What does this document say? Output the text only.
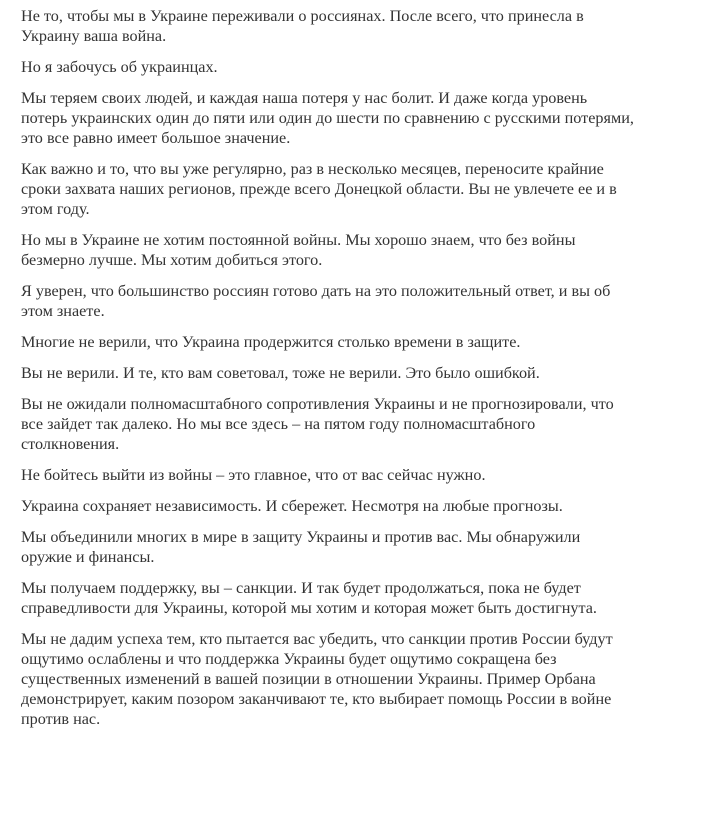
Не то, чтобы мы в Украине переживали о россиянах. После всего, что принесла в
Украину ваша война.

Но я забочусь об украинцах.

Мы теряем своих людей, и каждая наша потеря у нас болит. И даже когда уровень
потерь украинских один до пяти или один до шести по сравнению с русскими потерями,
это все равно имеет большое значение.

Как важно и то, что вы уже регулярно, раз в несколько месяцев, переносите крайние
сроки захвата наших регионов, прежде всего Донецкой области. Вы не увлечете ее и в
этом году.

Но мы в Украине не хотим постоянной войны. Мы хорошо знаем, что без войны
безмерно лучше. Мы хотим добиться этого.

Я уверен, что большинство россиян готово дать на это положительный ответ, и вы об
этом знаете.

Многие не верили, что Украина продержится столько времени в защите.

Вы не верили. И те, кто вам советовал, тоже не верили. Это было ошибкой.

Вы не ожидали полномасштабного сопротивления Украины и не прогнозировали, что
все зайдет так далеко. Но мы все здесь – на пятом году полномасштабного
столкновения.

Не бойтесь выйти из войны – это главное, что от вас сейчас нужно.

Украина сохраняет независимость. И сбережет. Несмотря на любые прогнозы.

Мы объединили многих в мире в защиту Украины и против вас. Мы обнаружили
оружие и финансы.

Мы получаем поддержку, вы – санкции. И так будет продолжаться, пока не будет
справедливости для Украины, которой мы хотим и которая может быть достигнута.

Мы не дадим успеха тем, кто пытается вас убедить, что санкции против России будут
ощутимо ослаблены и что поддержка Украины будет ощутимо сокращена без
существенных изменений в вашей позиции в отношении Украины. Пример Орбана
демонстрирует, каким позором заканчивают те, кто выбирает помощь России в войне
против нас.
